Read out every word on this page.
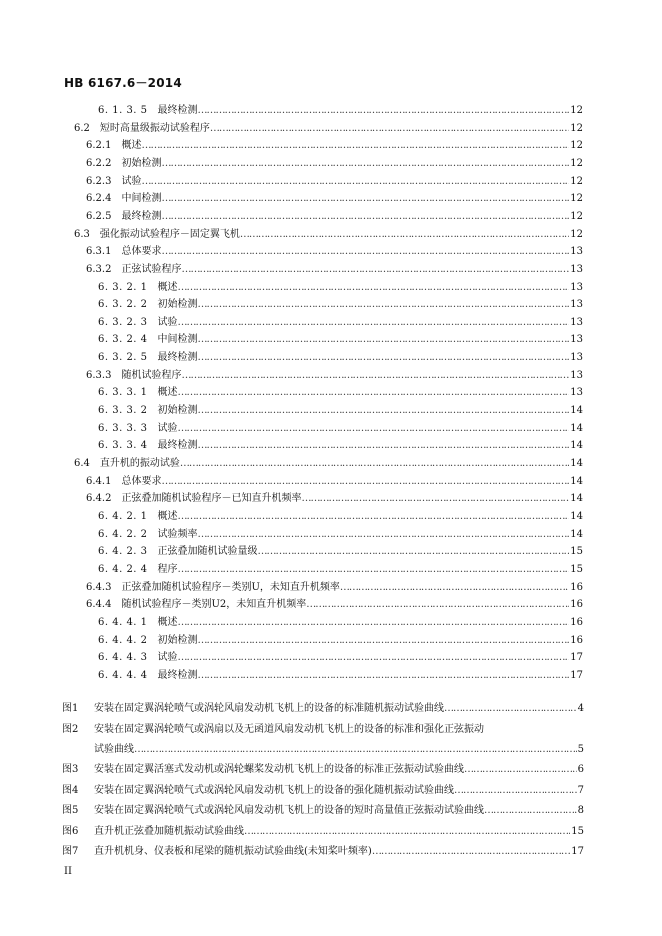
HB 6167.6－2014
6. 1. 3. 5	最终检测 …………………………………………………………………………………………………………………………………………………………………………………………………………………………	12
6.2	短时高量级振动试验程序 …………………………………………………………………………………………………………………………………………………………………………………………………………………………	12
6.2.1	概述 …………………………………………………………………………………………………………………………………………………………………………………………………………………………	12
6.2.2	初始检测 …………………………………………………………………………………………………………………………………………………………………………………………………………………………	12
6.2.3	试验 …………………………………………………………………………………………………………………………………………………………………………………………………………………………	12
6.2.4	中间检测 …………………………………………………………………………………………………………………………………………………………………………………………………………………………	12
6.2.5	最终检测 …………………………………………………………………………………………………………………………………………………………………………………………………………………………	12
6.3	强化振动试验程序－固定翼飞机 …………………………………………………………………………………………………………………………………………………………………………………………………………………………	12
6.3.1	总体要求 …………………………………………………………………………………………………………………………………………………………………………………………………………………………	13
6.3.2	正弦试验程序 …………………………………………………………………………………………………………………………………………………………………………………………………………………………	13
6. 3. 2. 1	概述 …………………………………………………………………………………………………………………………………………………………………………………………………………………………	13
6. 3. 2. 2	初始检测 …………………………………………………………………………………………………………………………………………………………………………………………………………………………	13
6. 3. 2. 3	试验 …………………………………………………………………………………………………………………………………………………………………………………………………………………………	13
6. 3. 2. 4	中间检测 …………………………………………………………………………………………………………………………………………………………………………………………………………………………	13
6. 3. 2. 5	最终检测 …………………………………………………………………………………………………………………………………………………………………………………………………………………………	13
6.3.3	随机试验程序 …………………………………………………………………………………………………………………………………………………………………………………………………………………………	13
6. 3. 3. 1	概述 …………………………………………………………………………………………………………………………………………………………………………………………………………………………	13
6. 3. 3. 2	初始检测 …………………………………………………………………………………………………………………………………………………………………………………………………………………………	14
6. 3. 3. 3	试验 …………………………………………………………………………………………………………………………………………………………………………………………………………………………	14
6. 3. 3. 4	最终检测 …………………………………………………………………………………………………………………………………………………………………………………………………………………………	14
6.4	直升机的振动试验 …………………………………………………………………………………………………………………………………………………………………………………………………………………………	14
6.4.1	总体要求 …………………………………………………………………………………………………………………………………………………………………………………………………………………………	14
6.4.2	正弦叠加随机试验程序－已知直升机频率 …………………………………………………………………………………………………………………………………………………………………………………………………………………………	14
6. 4. 2. 1	概述 …………………………………………………………………………………………………………………………………………………………………………………………………………………………	14
6. 4. 2. 2	试验频率 …………………………………………………………………………………………………………………………………………………………………………………………………………………………	14
6. 4. 2. 3	正弦叠加随机试验量级 …………………………………………………………………………………………………………………………………………………………………………………………………………………………	15
6. 4. 2. 4	程序 …………………………………………………………………………………………………………………………………………………………………………………………………………………………	15
6.4.3	正弦叠加随机试验程序－类别U，未知直升机频率 …………………………………………………………………………………………………………………………………………………………………………………………………………………………	16
6.4.4	随机试验程序－类别U2，未知直升机频率 …………………………………………………………………………………………………………………………………………………………………………………………………………………………	16
6. 4. 4. 1	概述 …………………………………………………………………………………………………………………………………………………………………………………………………………………………	16
6. 4. 4. 2	初始检测 …………………………………………………………………………………………………………………………………………………………………………………………………………………………	16
6. 4. 4. 3	试验 …………………………………………………………………………………………………………………………………………………………………………………………………………………………	17
6. 4. 4. 4	最终检测 …………………………………………………………………………………………………………………………………………………………………………………………………………………………	17
图1	安装在固定翼涡轮喷气或涡轮风扇发动机飞机上的设备的标准随机振动试验曲线 …………………………………………………………………………………………………………………………………………………………………………………………………………………………	4
图2	安装在固定翼涡轮喷气或涡扇以及无函道风扇发动机飞机上的设备的标准和强化正弦振动
试验曲线 …………………………………………………………………………………………………………………………………………………………………………………………………………………………	5
图3	安装在固定翼活塞式发动机或涡轮螺桨发动机飞机上的设备的标准正弦振动试验曲线 …………………………………………………………………………………………………………………………………………………………………………………………………………………………	6
图4	安装在固定翼涡轮喷气式或涡轮风扇发动机飞机上的设备的强化随机振动试验曲线 …………………………………………………………………………………………………………………………………………………………………………………………………………………………	7
图5	安装在固定翼涡轮喷气式或涡轮风扇发动机飞机上的设备的短时高量值正弦振动试验曲线 …………………………………………………………………………………………………………………………………………………………………………………………………………………………	8
图6	直升机正弦叠加随机振动试验曲线 …………………………………………………………………………………………………………………………………………………………………………………………………………………………	15
图7	直升机机身、仪表板和尾梁的随机振动试验曲线(未知桨叶频率) …………………………………………………………………………………………………………………………………………………………………………………………………………………………	17
II
